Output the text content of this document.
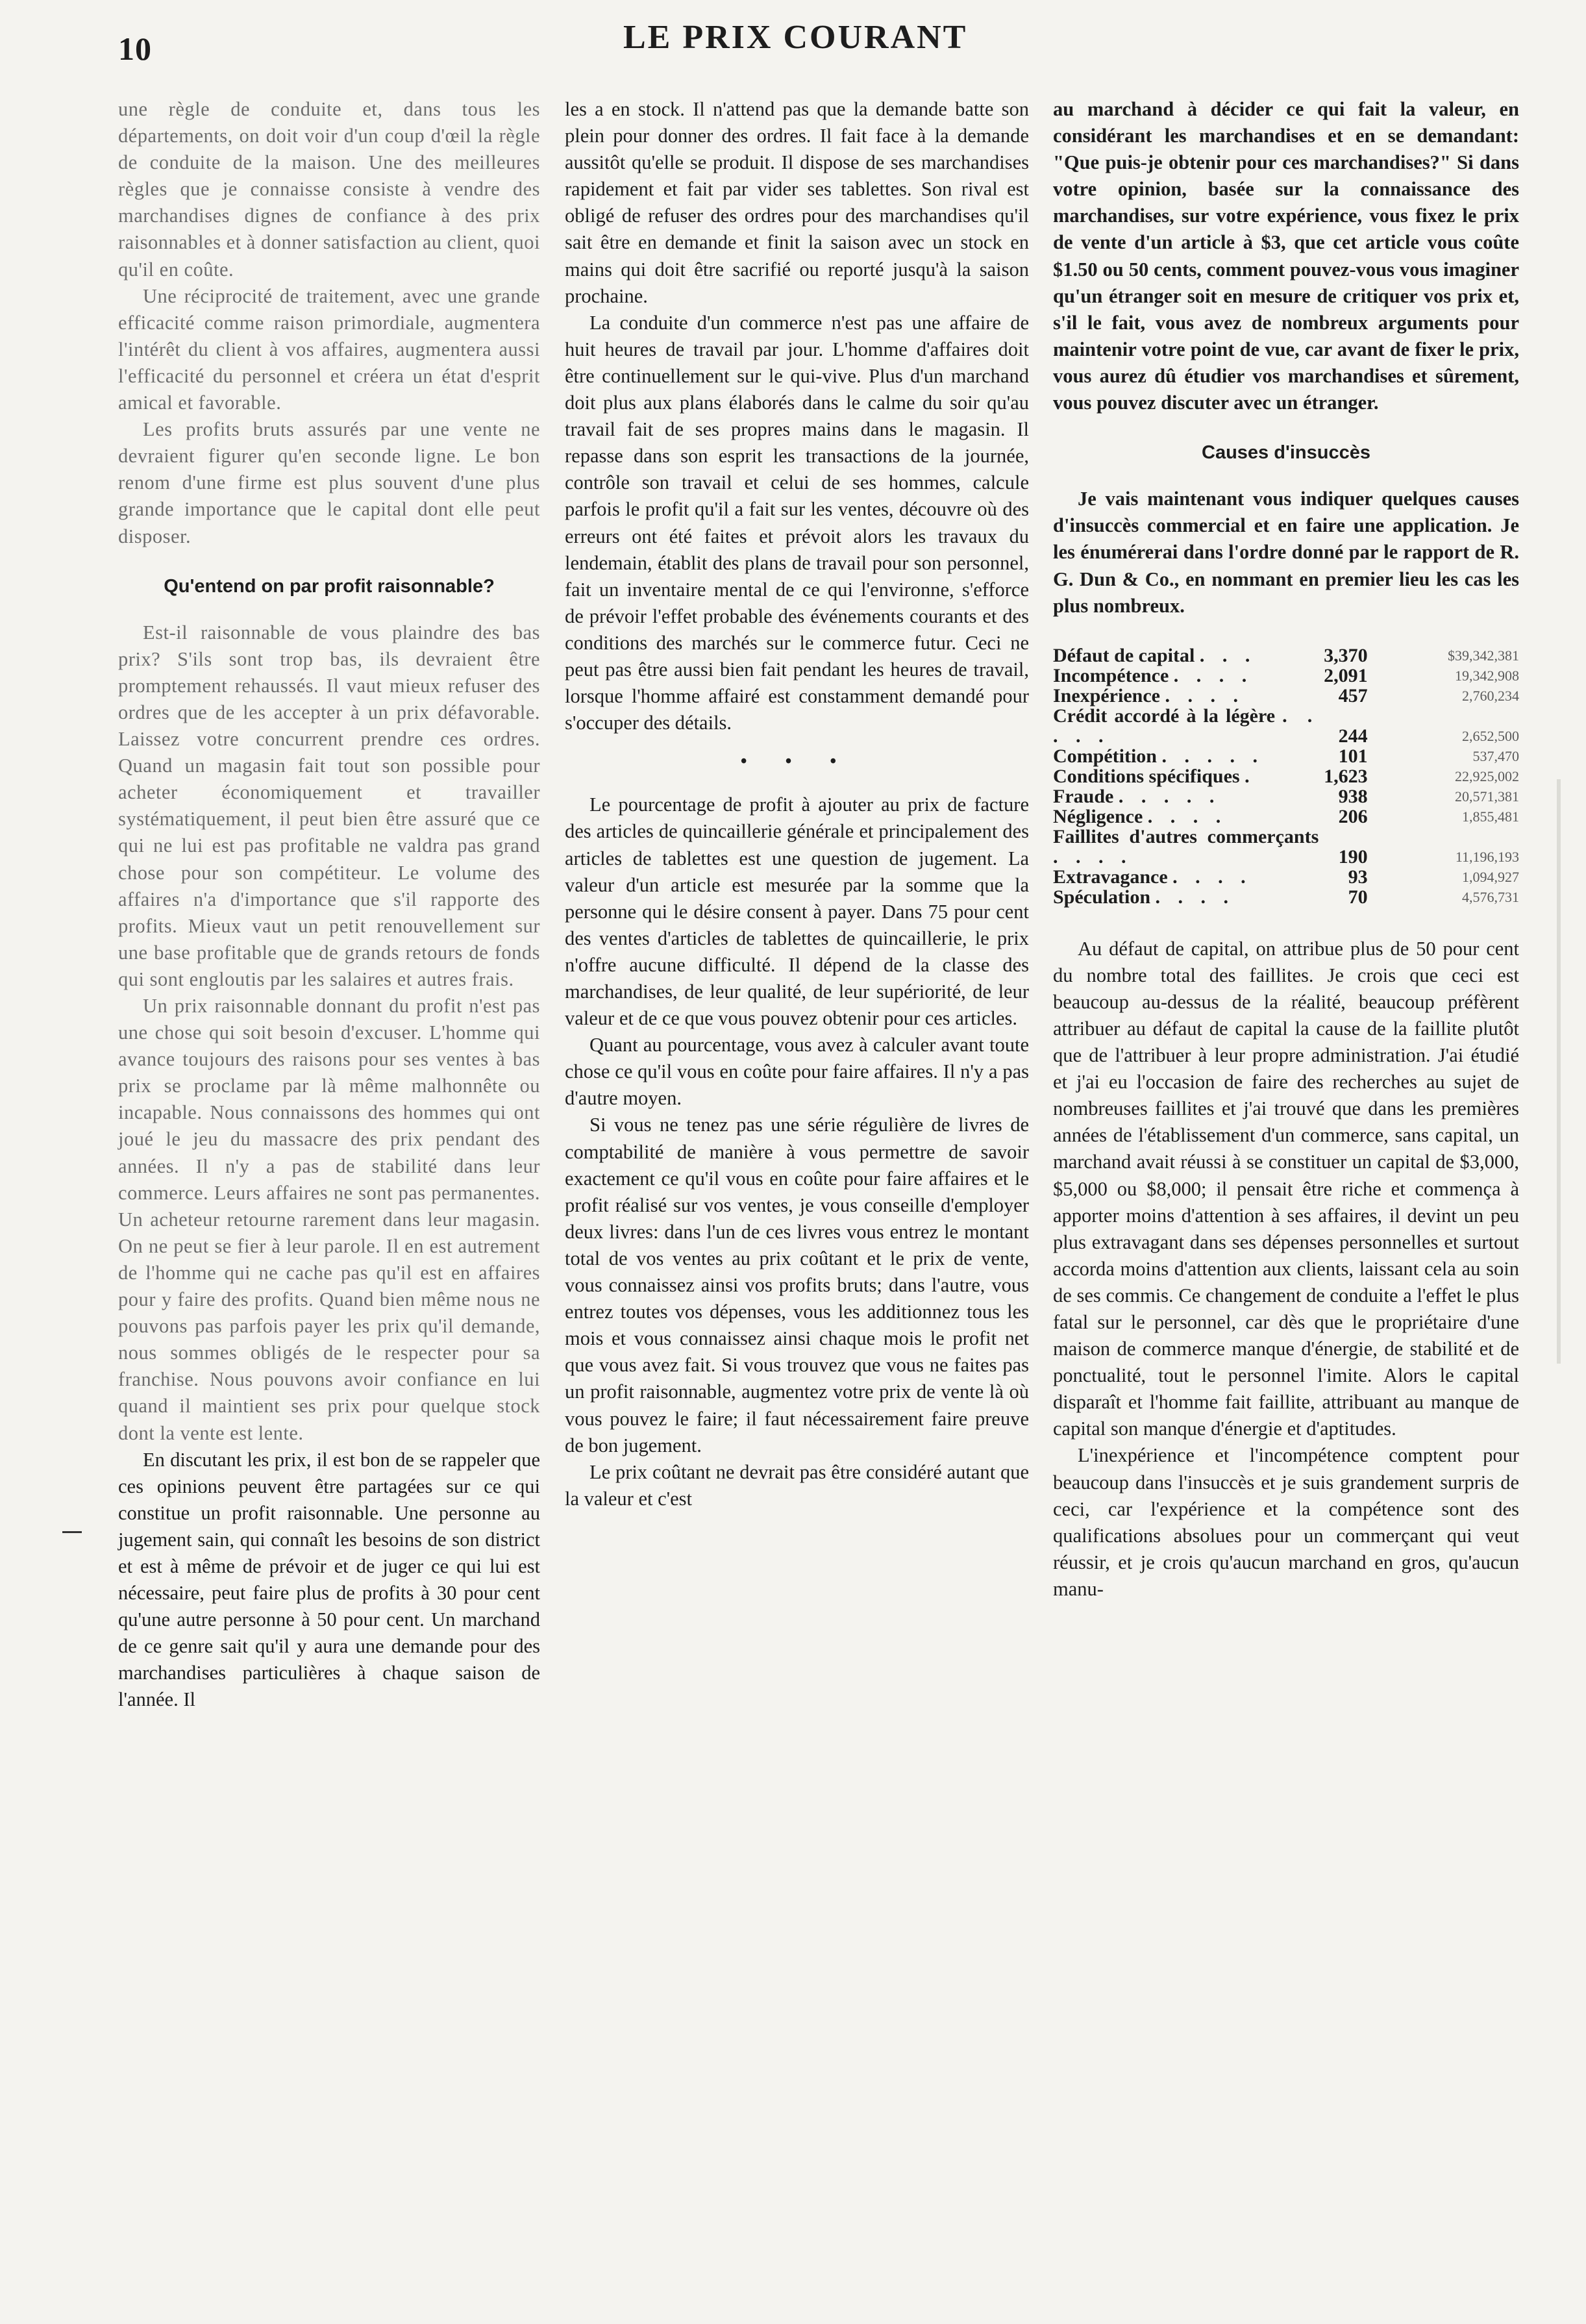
10	LE PRIX COURANT

une règle de conduite et, dans tous les départements, on doit voir d'un coup d'œil la règle de conduite de la maison. Une des meilleures règles que je connaisse consiste à vendre des marchandises dignes de confiance à des prix raisonnables et à donner satisfaction au client, quoi qu'il en coûte.

Une réciprocité de traitement, avec une grande efficacité comme raison primordiale, augmentera l'intérêt du client à vos affaires, augmentera aussi l'efficacité du personnel et créera un état d'esprit amical et favorable.

Les profits bruts assurés par une vente ne devraient figurer qu'en seconde ligne. Le bon renom d'une firme est plus souvent d'une plus grande importance que le capital dont elle peut disposer.

Qu'entend on par profit raisonnable?

Est-il raisonnable de vous plaindre des bas prix? S'ils sont trop bas, ils devraient être promptement rehaussés. Il vaut mieux refuser des ordres que de les accepter à un prix défavorable. Laissez votre concurrent prendre ces ordres. Quand un magasin fait tout son possible pour acheter économiquement et travailler systématiquement, il peut bien être assuré que ce qui ne lui est pas profitable ne valdra pas grand chose pour son compétiteur. Le volume des affaires n'a d'importance que s'il rapporte des profits. Mieux vaut un petit renouvellement sur une base profitable que de grands retours de fonds qui sont engloutis par les salaires et autres frais.

Un prix raisonnable donnant du profit n'est pas une chose qui soit besoin d'excuser. L'homme qui avance toujours des raisons pour ses ventes à bas prix se proclame par là même malhonnête ou incapable. Nous connaissons des hommes qui ont joué le jeu du massacre des prix pendant des années. Il n'y a pas de stabilité dans leur commerce. Leurs affaires ne sont pas permanentes. Un acheteur retourne rarement dans leur magasin. On ne peut se fier à leur parole. Il en est autrement de l'homme qui ne cache pas qu'il est en affaires pour y faire des profits. Quand bien même nous ne pouvons pas parfois payer les prix qu'il demande, nous sommes obligés de le respecter pour sa franchise. Nous pouvons avoir confiance en lui quand il maintient ses prix pour quelque stock dont la vente est lente.

En discutant les prix, il est bon de se rappeler que ces opinions peuvent être partagées sur ce qui constitue un profit raisonnable. Une personne au jugement sain, qui connaît les besoins de son district et est à même de prévoir et de juger ce qui lui est nécessaire, peut faire plus de profits à 30 pour cent qu'une autre personne à 50 pour cent. Un marchand de ce genre sait qu'il y aura une demande pour des marchandises particulières à chaque saison de l'année. Il

les a en stock. Il n'attend pas que la demande batte son plein pour donner des ordres. Il fait face à la demande aussitôt qu'elle se produit. Il dispose de ses marchandises rapidement et fait par vider ses tablettes. Son rival est obligé de refuser des ordres pour des marchandises qu'il sait être en demande et finit la saison avec un stock en mains qui doit être sacrifié ou reporté jusqu'à la saison prochaine.

La conduite d'un commerce n'est pas une affaire de huit heures de travail par jour. L'homme d'affaires doit être continuellement sur le qui-vive. Plus d'un marchand doit plus aux plans élaborés dans le calme du soir qu'au travail fait de ses propres mains dans le magasin. Il repasse dans son esprit les transactions de la journée, contrôle son travail et celui de ses hommes, calcule parfois le profit qu'il a fait sur les ventes, découvre où des erreurs ont été faites et prévoit alors les travaux du lendemain, établit des plans de travail pour son personnel, fait un inventaire mental de ce qui l'environne, s'efforce de prévoir l'effet probable des événements courants et des conditions des marchés sur le commerce futur. Ceci ne peut pas être aussi bien fait pendant les heures de travail, lorsque l'homme affairé est constamment demandé pour s'occuper des détails.

• • •

Le pourcentage de profit à ajouter au prix de facture des articles de quincaillerie générale et principalement des articles de tablettes est une question de jugement. La valeur d'un article est mesurée par la somme que la personne qui le désire consent à payer. Dans 75 pour cent des ventes d'articles de tablettes de quincaillerie, le prix n'offre aucune difficulté. Il dépend de la classe des marchandises, de leur qualité, de leur supériorité, de leur valeur et de ce que vous pouvez obtenir pour ces articles.

Quant au pourcentage, vous avez à calculer avant toute chose ce qu'il vous en coûte pour faire affaires. Il n'y a pas d'autre moyen.

Si vous ne tenez pas une série régulière de livres de comptabilité de manière à vous permettre de savoir exactement ce qu'il vous en coûte pour faire affaires et le profit réalisé sur vos ventes, je vous conseille d'employer deux livres: dans l'un de ces livres vous entrez le montant total de vos ventes au prix coûtant et le prix de vente, vous connaissez ainsi vos profits bruts; dans l'autre, vous entrez toutes vos dépenses, vous les additionnez tous les mois et vous connaissez ainsi chaque mois le profit net que vous avez fait. Si vous trouvez que vous ne faites pas un profit raisonnable, augmentez votre prix de vente là où vous pouvez le faire; il faut nécessairement faire preuve de bon jugement.

Le prix coûtant ne devrait pas être considéré autant que la valeur et c'est

au marchand à décider ce qui fait la valeur, en considérant les marchandises et en se demandant: "Que puis-je obtenir pour ces marchandises?" Si dans votre opinion, basée sur la connaissance des marchandises, sur votre expérience, vous fixez le prix de vente d'un article à $3, que cet article vous coûte $1.50 ou 50 cents, comment pouvez-vous vous imaginer qu'un étranger soit en mesure de critiquer vos prix et, s'il le fait, vous avez de nombreux arguments pour maintenir votre point de vue, car avant de fixer le prix, vous aurez dû étudier vos marchandises et sûrement, vous pouvez discuter avec un étranger.

Causes d'insuccès

Je vais maintenant vous indiquer quelques causes d'insuccès commercial et en faire une application. Je les énumérerai dans l'ordre donné par le rapport de R. G. Dun & Co., en nommant en premier lieu les cas les plus nombreux.

Défaut de capital . . .	3,370	$39,342,381
Incompétence . . . .	2,091	19,342,908
Inexpérience . . . .	457	2,760,234
Crédit accordé à la légère . . . . .	244	2,652,500
Compétition . . . . .	101	537,470
Conditions spécifiques .	1,623	22,925,002
Fraude . . . . .	938	20,571,381
Négligence . . . .	206	1,855,481
Faillites d'autres commerçants . . . .	190	11,196,193
Extravagance . . . .	93	1,094,927
Spéculation . . . .	70	4,576,731

Au défaut de capital, on attribue plus de 50 pour cent du nombre total des faillites. Je crois que ceci est beaucoup au-dessus de la réalité, beaucoup préfèrent attribuer au défaut de capital la cause de la faillite plutôt que de l'attribuer à leur propre administration. J'ai étudié et j'ai eu l'occasion de faire des recherches au sujet de nombreuses faillites et j'ai trouvé que dans les premières années de l'établissement d'un commerce, sans capital, un marchand avait réussi à se constituer un capital de $3,000, $5,000 ou $8,000; il pensait être riche et commença à apporter moins d'attention à ses affaires, il devint un peu plus extravagant dans ses dépenses personnelles et surtout accorda moins d'attention aux clients, laissant cela au soin de ses commis. Ce changement de conduite a l'effet le plus fatal sur le personnel, car dès que le propriétaire d'une maison de commerce manque d'énergie, de stabilité et de ponctualité, tout le personnel l'imite. Alors le capital disparaît et l'homme fait faillite, attribuant au manque de capital son manque d'énergie et d'aptitudes.

L'inexpérience et l'incompétence comptent pour beaucoup dans l'insuccès et je suis grandement surpris de ceci, car l'expérience et la compétence sont des qualifications absolues pour un commerçant qui veut réussir, et je crois qu'aucun marchand en gros, qu'aucun manu-
